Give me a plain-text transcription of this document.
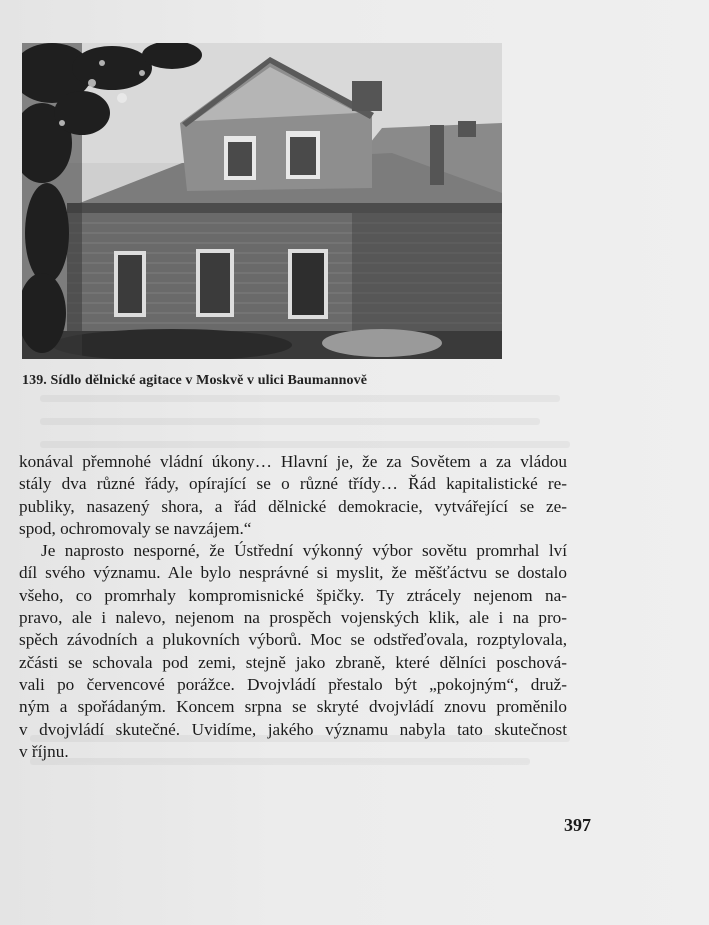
139. Sídlo dělnické agitace v Moskvě v ulici Baumannově
konával přemnohé vládní úkony… Hlavní je, že za Sovětem a za vládou
stály dva různé řády, opírající se o různé třídy… Řád kapitalistické re-
publiky, nasazený shora, a řád dělnické demokracie, vytvářející se ze-
spod, ochromovaly se navzájem.“
Je naprosto nesporné, že Ústřední výkonný výbor sovětu promrhal lví
díl svého významu. Ale bylo nesprávné si myslit, že měšťáctvu se dostalo
všeho, co promrhaly kompromisnické špičky. Ty ztrácely nejenom na-
pravo, ale i nalevo, nejenom na prospěch vojenských klik, ale i na pro-
spěch závodních a plukovních výborů. Moc se odstřeďovala, rozptylovala,
zčásti se schovala pod zemi, stejně jako zbraně, které dělníci poschová-
vali po červencové porážce. Dvojvládí přestalo být „pokojným“, druž-
ným a spořádaným. Koncem srpna se skryté dvojvládí znovu proměnilo
v dvojvládí skutečné. Uvidíme, jakého významu nabyla tato skutečnost
v říjnu.
397
